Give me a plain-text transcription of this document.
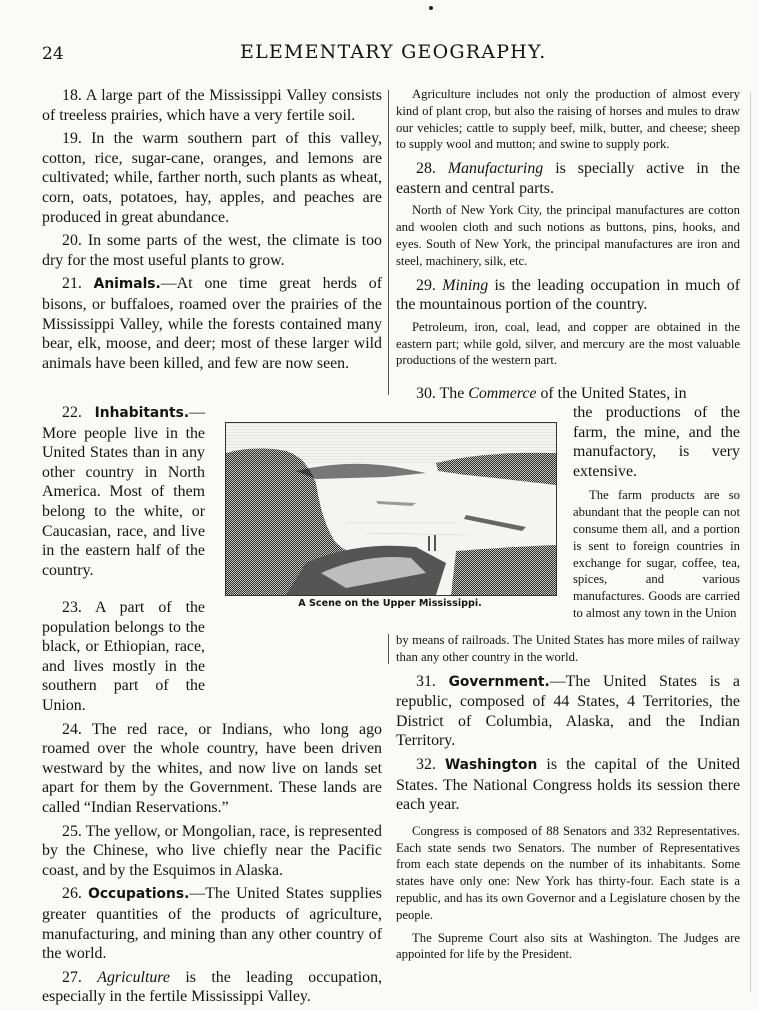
24	ELEMENTARY GEOGRAPHY.

18. A large part of the Mississippi Valley consists of treeless prairies, which have a very fertile soil.

19. In the warm southern part of this valley, cotton, rice, sugar-cane, oranges, and lemons are cultivated; while, farther north, such plants as wheat, corn, oats, potatoes, hay, apples, and peaches are produced in great abundance.

20. In some parts of the west, the climate is too dry for the most useful plants to grow.

21. Animals.—At one time great herds of bisons, or buffaloes, roamed over the prairies of the Mississippi Valley, while the forests contained many bear, elk, moose, and deer; most of these larger wild animals have been killed, and few are now seen.

22. Inhabitants.—More people live in the United States than in any other country in North America. Most of them belong to the white, or Caucasian, race, and live in the eastern half of the country.

A Scene on the Upper Mississippi.

23. A part of the population belongs to the black, or Ethiopian, race, and lives mostly in the southern part of the Union.

24. The red race, or Indians, who long ago roamed over the whole country, have been driven westward by the whites, and now live on lands set apart for them by the Government. These lands are called “Indian Reservations.”

25. The yellow, or Mongolian, race, is represented by the Chinese, who live chiefly near the Pacific coast, and by the Esquimos in Alaska.

26. Occupations.—The United States supplies greater quantities of the products of agriculture, manufacturing, and mining than any other country of the world.

27. Agriculture is the leading occupation, especially in the fertile Mississippi Valley.

Agriculture includes not only the production of almost every kind of plant crop, but also the raising of horses and mules to draw our vehicles; cattle to supply beef, milk, butter, and cheese; sheep to supply wool and mutton; and swine to supply pork.

28. Manufacturing is specially active in the eastern and central parts.

North of New York City, the principal manufactures are cotton and woolen cloth and such notions as buttons, pins, hooks, and eyes. South of New York, the principal manufactures are iron and steel, machinery, silk, etc.

29. Mining is the leading occupation in much of the mountainous portion of the country.

Petroleum, iron, coal, lead, and copper are obtained in the eastern part; while gold, silver, and mercury are the most valuable productions of the western part.

30. The Commerce of the United States, in

the productions of the farm, the mine, and the manufactory, is very extensive.

The farm products are so abundant that the people can not consume them all, and a portion is sent to foreign countries in exchange for sugar, coffee, tea, spices, and various manufactures. Goods are carried to almost any town in the Union

by means of railroads. The United States has more miles of railway than any other country in the world.

31. Government.—The United States is a republic, composed of 44 States, 4 Territories, the District of Columbia, Alaska, and the Indian Territory.

32. Washington is the capital of the United States. The National Congress holds its session there each year.

Congress is composed of 88 Senators and 332 Representatives. Each state sends two Senators. The number of Representatives from each state depends on the number of its inhabitants. Some states have only one: New York has thirty-four. Each state is a republic, and has its own Governor and a Legislature chosen by the people.

The Supreme Court also sits at Washington. The Judges are appointed for life by the President.
